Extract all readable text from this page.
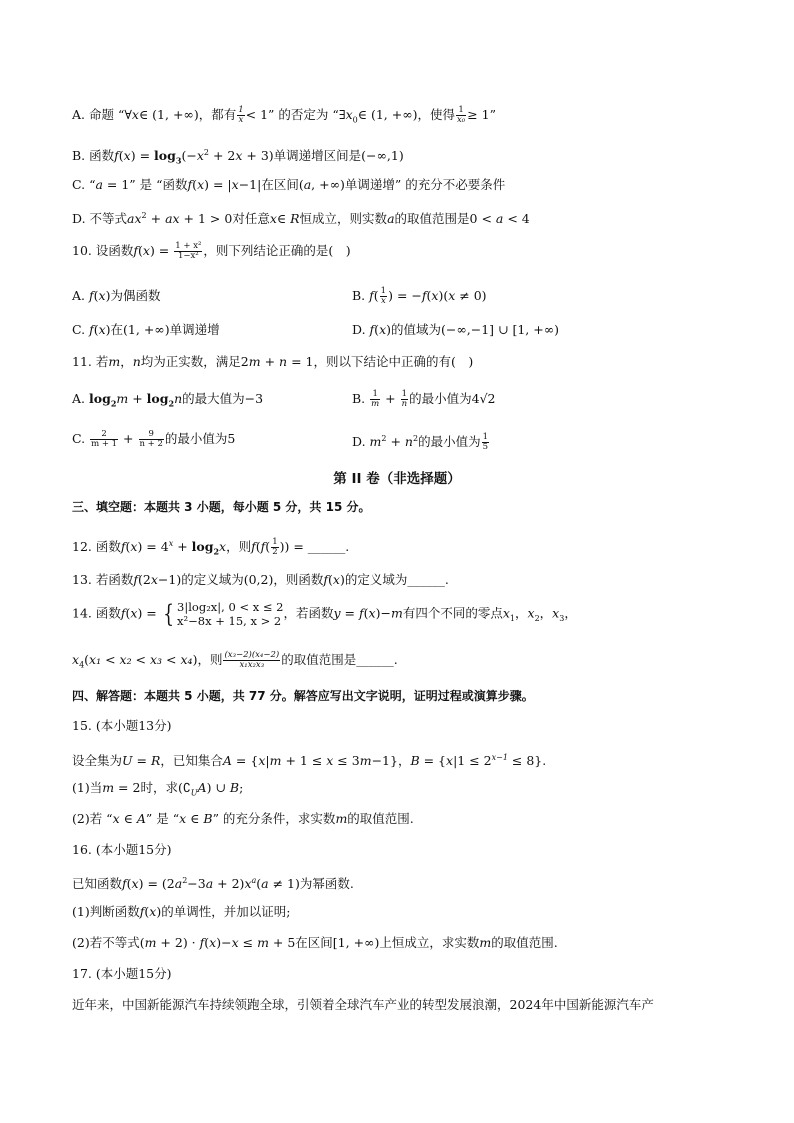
A. 命题 “∀x∈ (1, +∞)，都有 $\frac{1}{x} < 1$” 的否定为 “$\exists x_0\in$ (1, +∞)，使得 $\frac{1}{\text{x₀}} \ge 1$”
B. 函数$f(x) = \log_3(-x^2 + 2x + 3)$单调递增区间是(−∞,1)
C. “a = 1” 是 “函数f(x) = |x−1|在区间(a, +∞)单调递增” 的充分不必要条件
D. 不等式$ax^2$ + ax + 1 > 0对任意x∈ R恒成立，则实数a的取值范围是0 < a < 4
10. 设函数$f(x) = \frac{\text{1 + x²}}{\text{1−x²}}$ ，则下列结论正确的是(　)
A. f(x)为偶函数	B. $f( \frac{1}{x}$ ) = −f(x)(x ≠ 0)
C. f(x)在(1, +∞)单调递增	D. f(x)的值域为(−∞,−1] ∪ [1, +∞)
11. 若m，n均为正实数，满足2m + n = 1，则以下结论中正确的有(　)
A. $\log_2m + \log_2n$的最大值为−3	B. $\frac{1}{m} + \frac{1}{n}$ 的最小值为4√2
C. $\frac{2}{m + 1} + \frac{9}{n + 2}$ 的最小值为5	D. $m^2 + n^2$的最小值为 $\frac{1}{5}$
第 II 卷（非选择题）
三、填空题：本题共 3 小题，每小题 5 分，共 15 分。
12. 函数$f(x) = 4^x + \log_2x$，则$f(f( \frac{1}{2}$ )) = ______.
13. 若函数f(2x−1)的定义域为(0,2)，则函数f(x)的定义域为______.
14. 函数f(x) = { 3|log₂x|, 0 < x ≤ 2
x²−8x + 15, x > 2
，若函数y = f(x)−m有四个不同的零点$x_1$，$x_2$，$x_3$，
$x_4(x_1 < x_2 < x_3 < x_4)$，则 $\frac{\text{(x₃−2)(x₄−2)}}{\text{x₁x₂x₃}}$ 的取值范围是______.
四、解答题：本题共 5 小题，共 77 分。解答应写出文字说明，证明过程或演算步骤。
15. (本小题13分)
设全集为U = R，已知集合A = {x|m + 1 ≤ x ≤ 3m−1}，$B = \{x|1 \le 2^{x-1} \le 8\}$.
(1)当m = 2时，求$(∁_UA)$ ∪ B;
(2)若 “x ∈ A” 是 “x ∈ B” 的充分条件，求实数m的取值范围.
16. (本小题15分)
已知函数$f(x) = (2a^2-3a + 2)x^a(a \ne 1)$为幂函数.
(1)判断函数f(x)的单调性，并加以证明;
(2)若不等式(m + 2) · f(x)−x ≤ m + 5在区间[1, +∞)上恒成立，求实数m的取值范围.
17. (本小题15分)
近年来，中国新能源汽车持续领跑全球，引领着全球汽车产业的转型发展浪潮，2024年中国新能源汽车产
